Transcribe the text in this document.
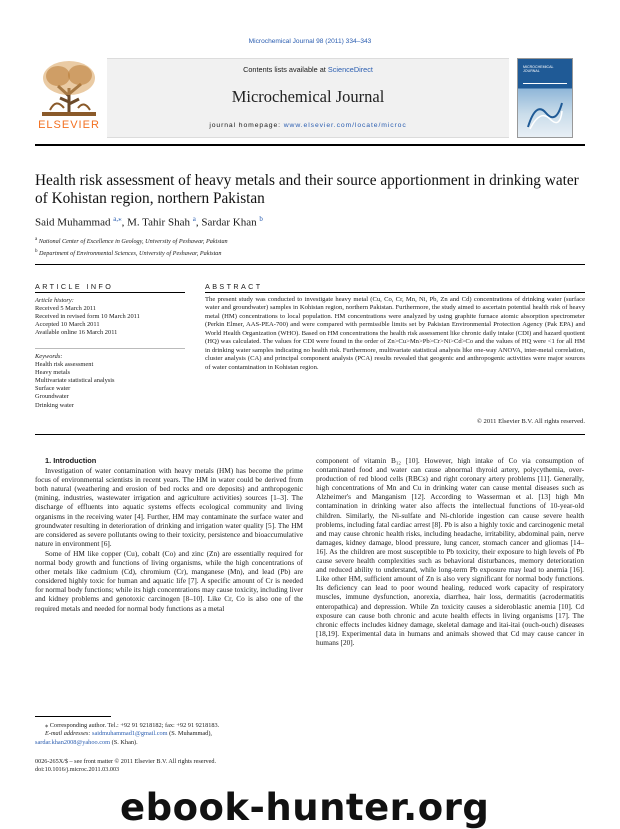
Microchemical Journal 98 (2011) 334–343
ELSEVIER
Contents lists available at ScienceDirect
Microchemical Journal
journal homepage: www.elsevier.com/locate/microc
MICROCHEMICAL JOURNAL
Health risk assessment of heavy metals and their source apportionment in drinking water of Kohistan region, northern Pakistan
Said Muhammad $^{a,⁎}$, M. Tahir Shah $^a$, Sardar Khan $^b$
$^a$ National Center of Excellence in Geology, University of Peshawar, Pakistan
$^b$ Department of Environmental Sciences, University of Peshawar, Pakistan
ARTICLE INFO	ABSTRACT
Article history:
Received 5 March 2011
Received in revised form 10 March 2011
Accepted 10 March 2011
Available online 16 March 2011
Keywords:
Health risk assessment
Heavy metals
Multivariate statistical analysis
Surface water
Groundwater
Drinking water

The present study was conducted to investigate heavy metal (Cu, Co, Cr, Mn, Ni, Pb, Zn and Cd) concentrations of drinking water (surface water and groundwater) samples in Kohistan region, northern Pakistan. Furthermore, the study aimed to ascertain potential health risk of heavy metal (HM) concentrations to local population. HM concentrations were analyzed by using graphite furnace atomic absorption spectrometer (Perkin Elmer, AAS-PEA-700) and were compared with permissible limits set by Pakistan Environmental Protection Agency (Pak EPA) and World Health Organization (WHO). Based on HM concentrations the health risk assessment like chronic daily intake (CDI) and hazard quotient (HQ) was calculated. The values for CDI were found in the order of Zn>Cu>Mn>Pb>Cr>Ni>Cd>Co and the values of HQ were <1 for all HM in drinking water samples indicating no health risk. Furthermore, multivariate statistical analysis like one-way ANOVA, inter-metal correlation, cluster analysis (CA) and principal component analysis (PCA) results revealed that geogenic and anthropogenic activities were major sources of water contamination in Kohistan region.

© 2011 Elsevier B.V. All rights reserved.

1. Introduction

Investigation of water contamination with heavy metals (HM) has become the prime focus of environmental scientists in recent years. The HM in water could be derived from both natural (weathering and erosion of bed rocks and ore deposits) and anthropogenic (mining, industries, wastewater irrigation and agriculture activities) sources [1–3]. The discharge of effluents into aquatic systems effects ecological community and living organisms in the receiving water [4]. Further, HM may contaminate the surface water and groundwater resulting in deterioration of drinking and irrigation water quality [5]. The HM are considered as severe pollutants owing to their toxicity, persistence and bioaccumulative nature in environment [6].

Some of HM like copper (Cu), cobalt (Co) and zinc (Zn) are essentially required for normal body growth and functions of living organisms, while the high concentrations of other metals like cadmium (Cd), chromium (Cr), manganese (Mn), and lead (Pb) are considered highly toxic for human and aquatic life [7]. A specific amount of Cr is needed for normal body functions; while its high concentrations may cause toxicity, including liver and kidney problems and genotoxic carcinogen [8–10]. Like Cr, Co is also one of the required metals and needed for normal body functions as a metal

component of vitamin B₁₂ [10]. However, high intake of Co via consumption of contaminated food and water can cause abnormal thyroid artery, polycythemia, over-production of red blood cells (RBCs) and right coronary artery problems [11]. Generally, high concentrations of Mn and Cu in drinking water can cause mental diseases such as Alzheimer's and Manganism [12]. According to Wasserman et al. [13] high Mn contamination in drinking water also affects the intellectual functions of 10-year-old children. Similarly, the Ni-sulfate and Ni-chloride ingestion can cause severe health problems, including fatal cardiac arrest [8]. Pb is also a highly toxic and carcinogenic metal and may cause chronic health risks, including headache, irritability, abdominal pain, nerve damages, kidney damage, blood pressure, lung cancer, stomach cancer and gliomas [14–16]. As the children are most susceptible to Pb toxicity, their exposure to high levels of Pb cause severe health complexities such as behavioral disturbances, memory deterioration and reduced ability to understand, while long-term Pb exposure may lead to anemia [16]. Like other HM, sufficient amount of Zn is also very significant for normal body functions. Its deficiency can lead to poor wound healing, reduced work capacity of respiratory muscles, immune dysfunction, anorexia, diarrhea, hair loss, dermatitis (acrodermatitis enteropathica) and depression. While Zn toxicity causes a sideroblastic anemia [10]. Cd exposure can cause both chronic and acute health effects in living organisms [17]. The chronic effects includes kidney damage, skeletal damage and itai-itai (ouch-ouch) diseases [18,19]. Experimental data in humans and animals showed that Cd may cause cancer in humans [20].

⁎ Corresponding author. Tel.: +92 91 9218182; fax: +92 91 9218183.
E-mail addresses: saidmuhammad1@gmail.com (S. Muhammad),
sardar.khan2008@yahoo.com (S. Khan).
0026-265X/$ – see front matter © 2011 Elsevier B.V. All rights reserved.
doi:10.1016/j.microc.2011.03.003
ebook-hunter.org
